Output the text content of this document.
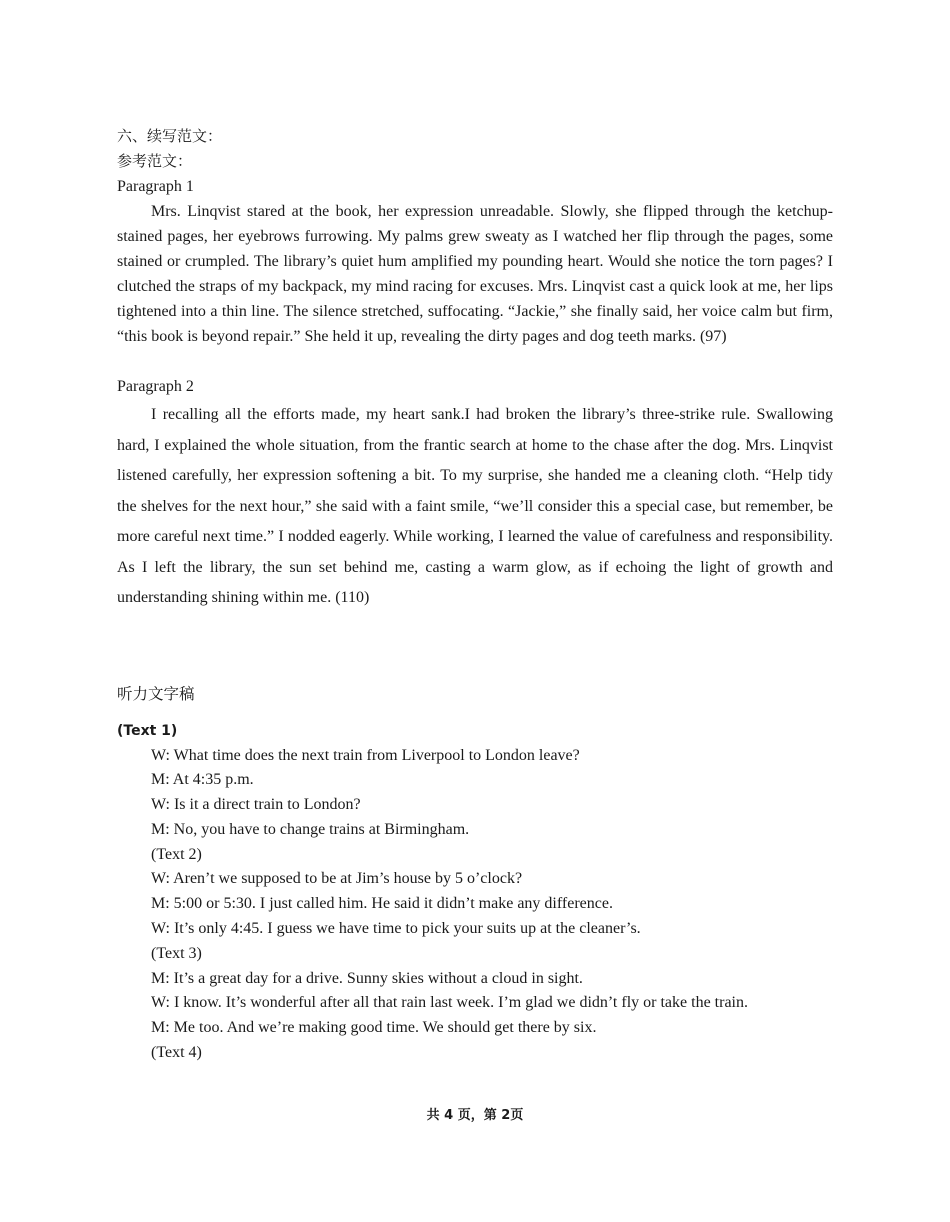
六、续写范文：

参考范文：

Paragraph 1

Mrs. Linqvist stared at the book, her expression unreadable. Slowly, she flipped through the ketchup-stained pages, her eyebrows furrowing. My palms grew sweaty as I watched her flip through the pages, some stained or crumpled. The library’s quiet hum amplified my pounding heart. Would she notice the torn pages? I clutched the straps of my backpack, my mind racing for excuses. Mrs. Linqvist cast a quick look at me, her lips tightened into a thin line. The silence stretched, suffocating. “Jackie,” she finally said, her voice calm but firm, “this book is beyond repair.” She held it up, revealing the dirty pages and dog teeth marks. (97)

Paragraph 2

I recalling all the efforts made, my heart sank.I had broken the library’s three-strike rule. Swallowing hard, I explained the whole situation, from the frantic search at home to the chase after the dog. Mrs. Linqvist listened carefully, her expression softening a bit. To my surprise, she handed me a cleaning cloth. “Help tidy the shelves for the next hour,” she said with a faint smile, “we’ll consider this a special case, but remember, be more careful next time.” I nodded eagerly. While working, I learned the value of carefulness and responsibility. As I left the library, the sun set behind me, casting a warm glow, as if echoing the light of growth and understanding shining within me. (110)

听力文字稿

(Text 1)

W: What time does the next train from Liverpool to London leave?
M: At 4:35 p.m.
W: Is it a direct train to London?
M: No, you have to change trains at Birmingham.
(Text 2)
W: Aren’t we supposed to be at Jim’s house by 5 o’clock?
M: 5:00 or 5:30. I just called him. He said it didn’t make any difference.
W: It’s only 4:45. I guess we have time to pick your suits up at the cleaner’s.
(Text 3)
M: It’s a great day for a drive. Sunny skies without a cloud in sight.
W: I know. It’s wonderful after all that rain last week. I’m glad we didn’t fly or take the train.
M: Me too. And we’re making good time. We should get there by six.
(Text 4)
共 4 页，第 2页
